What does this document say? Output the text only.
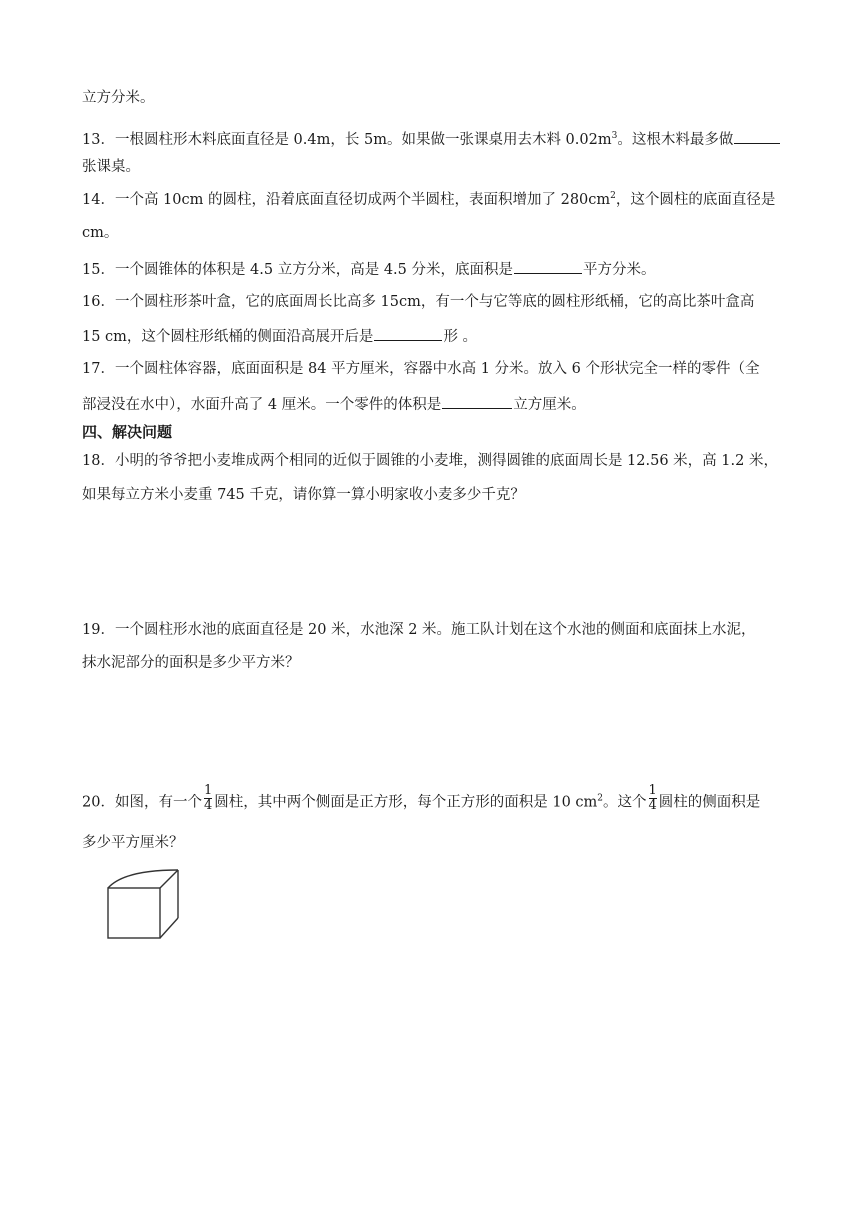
立方分米。
13．一根圆柱形木料底面直径是 0.4m，长 5m。如果做一张课桌用去木料 $0.02m^3$。这根木料最多做
张课桌。
14．一个高 10cm 的圆柱，沿着底面直径切成两个半圆柱，表面积增加了 $280cm^2$，这个圆柱的底面直径是
cm。
15．一个圆锥体的体积是 4.5 立方分米，高是 4.5 分米，底面积是	平方分米。
16．一个圆柱形茶叶盒，它的底面周长比高多 15cm，有一个与它等底的圆柱形纸桶，它的高比茶叶盒高
15 cm，这个圆柱形纸桶的侧面沿高展开后是	形 。
17．一个圆柱体容器，底面面积是 84 平方厘米，容器中水高 1 分米。放入 6 个形状完全一样的零件（全
部浸没在水中），水面升高了 4 厘米。一个零件的体积是	立方厘米。
四、解决问题
18．小明的爷爷把小麦堆成两个相同的近似于圆锥的小麦堆，测得圆锥的底面周长是 12.56 米，高 1.2 米，
如果每立方米小麦重 745 千克，请你算一算小明家收小麦多少千克？
19．一个圆柱形水池的底面直径是 20 米，水池深 2 米。施工队计划在这个水池的侧面和底面抹上水泥，
抹水泥部分的面积是多少平方米？
20．如图，有一个 $\frac{1}{4}$ 圆柱，其中两个侧面是正方形，每个正方形的面积是 10 $cm^2$。这个 $\frac{1}{4}$ 圆柱的侧面积是
多少平方厘米？
